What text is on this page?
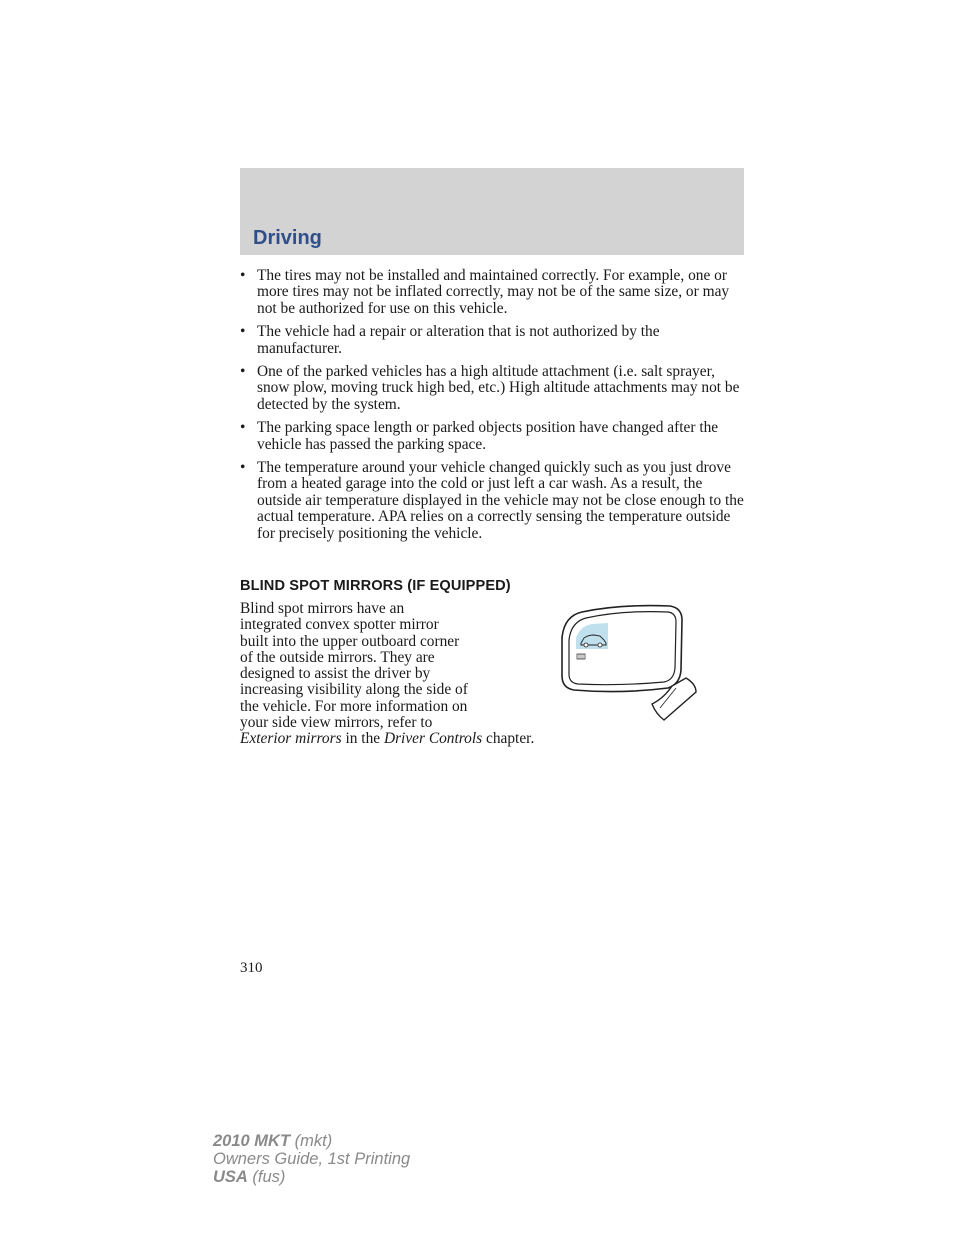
Driving
• The tires may not be installed and maintained correctly. For example, one or more tires may not be inflated correctly, may not be of the same size, or may not be authorized for use on this vehicle.
• The vehicle had a repair or alteration that is not authorized by the manufacturer.
• One of the parked vehicles has a high altitude attachment (i.e. salt sprayer, snow plow, moving truck high bed, etc.) High altitude attachments may not be detected by the system.
• The parking space length or parked objects position have changed after the vehicle has passed the parking space.
• The temperature around your vehicle changed quickly such as you just drove from a heated garage into the cold or just left a car wash. As a result, the outside air temperature displayed in the vehicle may not be close enough to the actual temperature. APA relies on a correctly sensing the temperature outside for precisely positioning the vehicle.
BLIND SPOT MIRRORS (IF EQUIPPED)

Blind spot mirrors have an
integrated convex spotter mirror
built into the upper outboard corner
of the outside mirrors. They are
designed to assist the driver by
increasing visibility along the side of
the vehicle. For more information on
your side view mirrors, refer to
Exterior mirrors in the Driver Controls chapter.

310
2010 MKT (mkt)
Owners Guide, 1st Printing
USA (fus)
